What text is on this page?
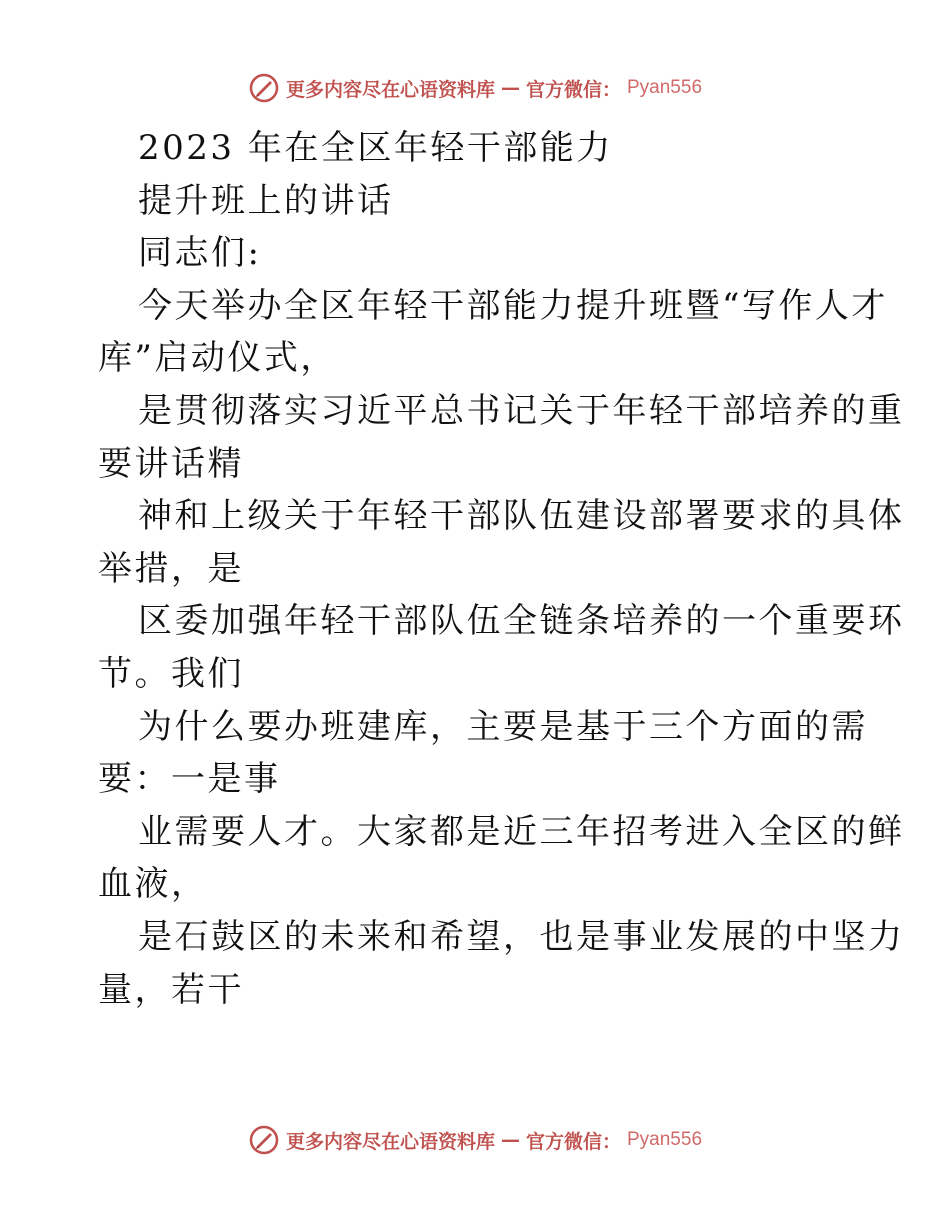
更多内容尽在心语资料库 — 官方微信： Pyan556
2023 年在全区年轻干部能力
提升班上的讲话
同志们:
今天举办全区年轻干部能力提升班暨“写作人才
库”启动仪式，
是贯彻落实习近平总书记关于年轻干部培养的重
要讲话精
神和上级关于年轻干部队伍建设部署要求的具体
举措，是
区委加强年轻干部队伍全链条培养的一个重要环
节。我们
为什么要办班建库，主要是基于三个方面的需
要：一是事
业需要人才。大家都是近三年招考进入全区的鲜
血液，
是石鼓区的未来和希望，也是事业发展的中坚力
量，若干
更多内容尽在心语资料库 — 官方微信： Pyan556
